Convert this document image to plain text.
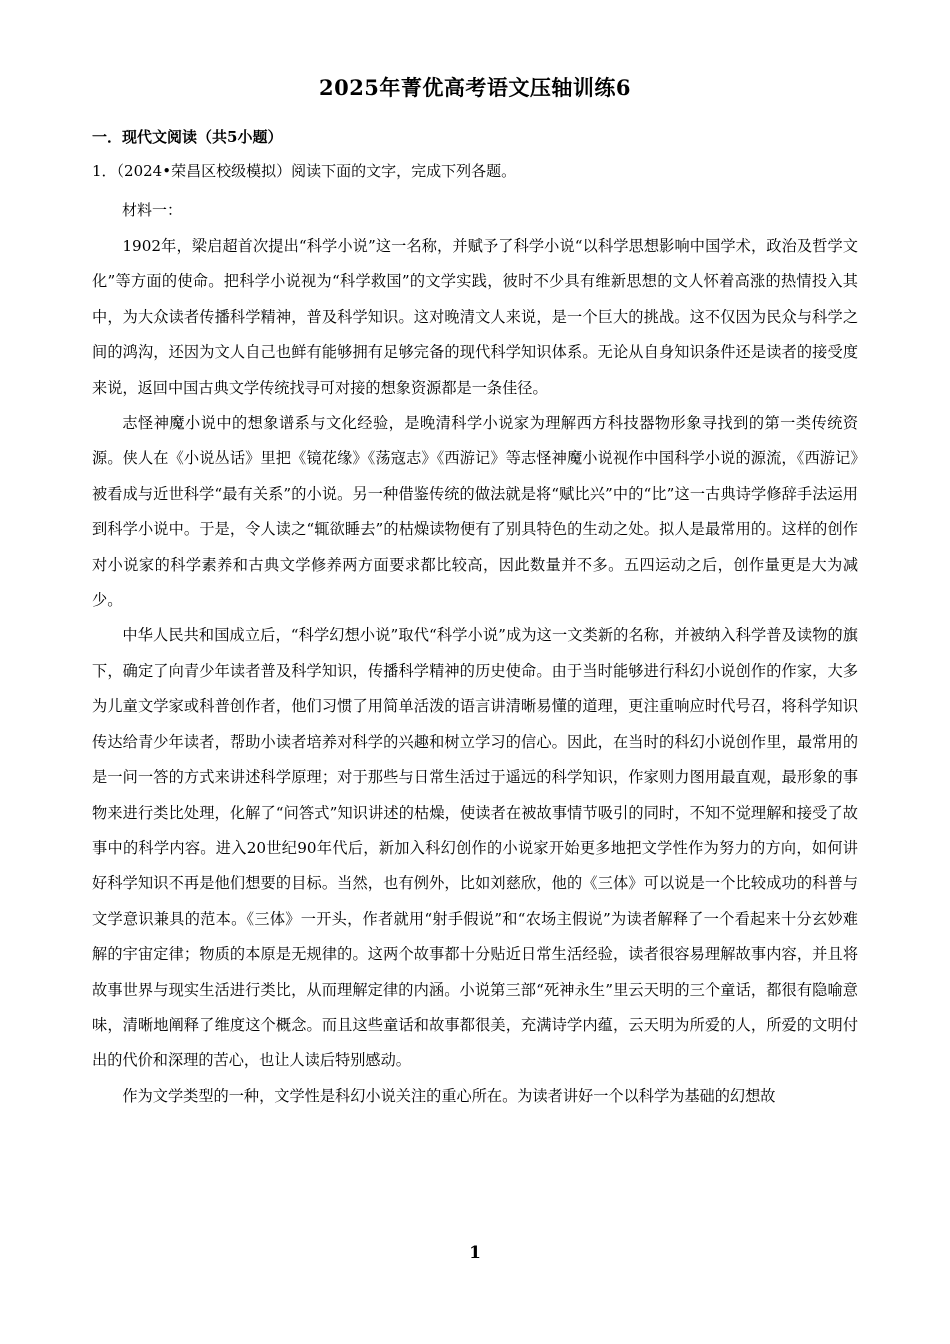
2025年菁优高考语文压轴训练6
一．现代文阅读（共5小题）
1．（2024•荣昌区校级模拟）阅读下面的文字，完成下列各题。
材料一：

1902年，梁启超首次提出“科学小说”这一名称，并赋予了科学小说“以科学思想影响中国学术，政治及哲学文化”等方面的使命。把科学小说视为“科学救国”的文学实践，彼时不少具有维新思想的文人怀着高涨的热情投入其中，为大众读者传播科学精神，普及科学知识。这对晚清文人来说，是一个巨大的挑战。这不仅因为民众与科学之间的鸿沟，还因为文人自己也鲜有能够拥有足够完备的现代科学知识体系。无论从自身知识条件还是读者的接受度来说，返回中国古典文学传统找寻可对接的想象资源都是一条佳径。

志怪神魔小说中的想象谱系与文化经验，是晚清科学小说家为理解西方科技器物形象寻找到的第一类传统资源。侠人在《小说丛话》里把《镜花缘》《荡寇志》《西游记》等志怪神魔小说视作中国科学小说的源流，《西游记》被看成与近世科学“最有关系”的小说。另一种借鉴传统的做法就是将“赋比兴”中的“比”这一古典诗学修辞手法运用到科学小说中。于是，令人读之“辄欲睡去”的枯燥读物便有了别具特色的生动之处。拟人是最常用的。这样的创作对小说家的科学素养和古典文学修养两方面要求都比较高，因此数量并不多。五四运动之后，创作量更是大为减少。

中华人民共和国成立后，“科学幻想小说”取代“科学小说”成为这一文类新的名称，并被纳入科学普及读物的旗下，确定了向青少年读者普及科学知识，传播科学精神的历史使命。由于当时能够进行科幻小说创作的作家，大多为儿童文学家或科普创作者，他们习惯了用简单活泼的语言讲清晰易懂的道理，更注重响应时代号召，将科学知识传达给青少年读者，帮助小读者培养对科学的兴趣和树立学习的信心。因此，在当时的科幻小说创作里，最常用的是一问一答的方式来讲述科学原理；对于那些与日常生活过于遥远的科学知识，作家则力图用最直观，最形象的事物来进行类比处理，化解了“问答式”知识讲述的枯燥，使读者在被故事情节吸引的同时，不知不觉理解和接受了故事中的科学内容。进入20世纪90年代后，新加入科幻创作的小说家开始更多地把文学性作为努力的方向，如何讲好科学知识不再是他们想要的目标。当然，也有例外，比如刘慈欣，他的《三体》可以说是一个比较成功的科普与文学意识兼具的范本。《三体》一开头，作者就用“射手假说”和“农场主假说”为读者解释了一个看起来十分玄妙难解的宇宙定律；物质的本原是无规律的。这两个故事都十分贴近日常生活经验，读者很容易理解故事内容，并且将故事世界与现实生活进行类比，从而理解定律的内涵。小说第三部“死神永生”里云天明的三个童话，都很有隐喻意味，清晰地阐释了维度这个概念。而且这些童话和故事都很美，充满诗学内蕴，云天明为所爱的人，所爱的文明付出的代价和深理的苦心，也让人读后特别感动。

作为文学类型的一种，文学性是科幻小说关注的重心所在。为读者讲好一个以科学为基础的幻想故

1
